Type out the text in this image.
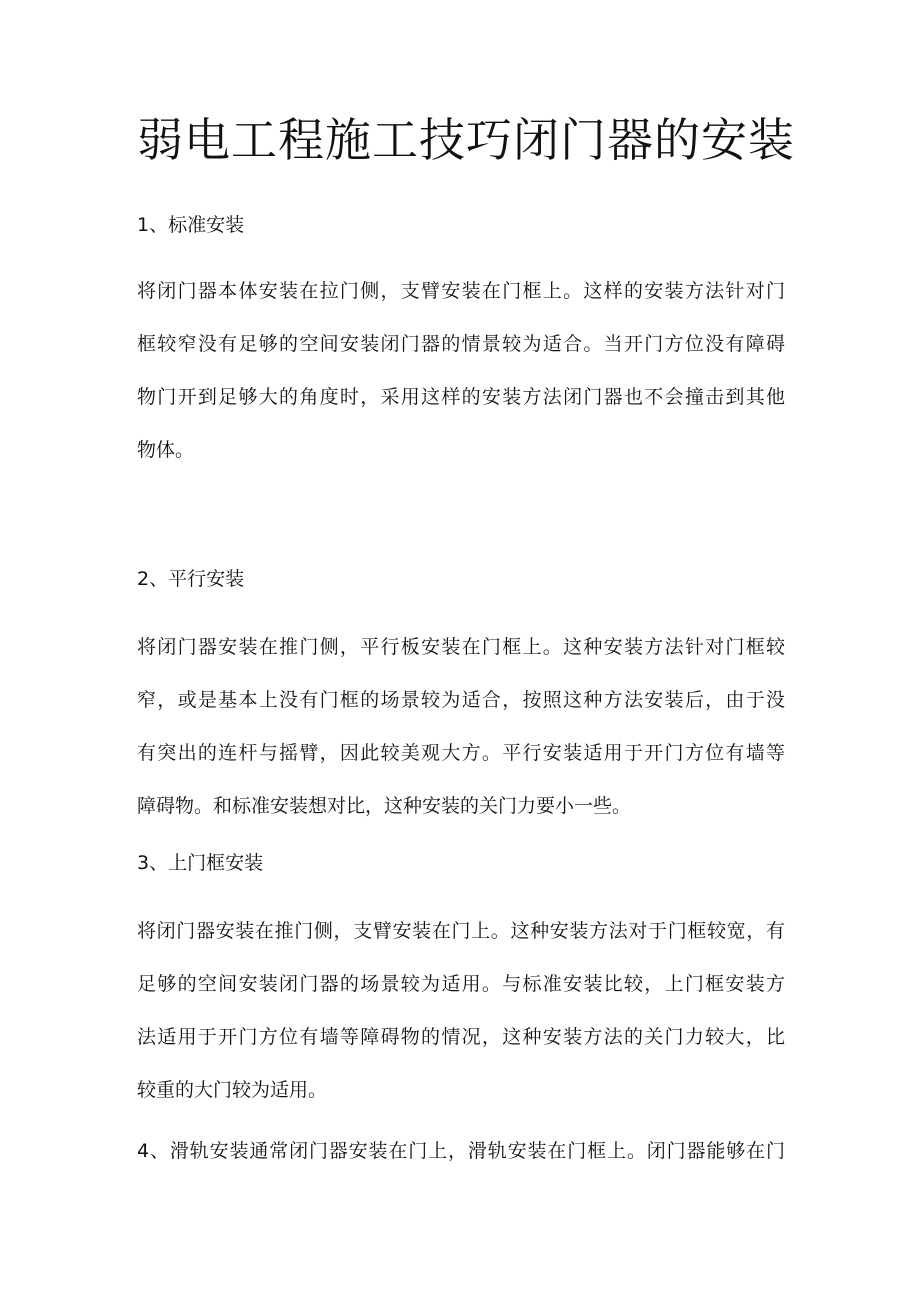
弱电工程施工技巧闭门器的安装
1、标准安装
将闭门器本体安装在拉门侧，支臂安装在门框上。这样的安装方法针对门
框较窄没有足够的空间安装闭门器的情景较为适合。当开门方位没有障碍
物门开到足够大的角度时，采用这样的安装方法闭门器也不会撞击到其他
物体。
2、平行安装
将闭门器安装在推门侧，平行板安装在门框上。这种安装方法针对门框较
窄，或是基本上没有门框的场景较为适合，按照这种方法安装后，由于没
有突出的连杆与摇臂，因此较美观大方。平行安装适用于开门方位有墙等
障碍物。和标准安装想对比，这种安装的关门力要小一些。
3、上门框安装
将闭门器安装在推门侧，支臂安装在门上。这种安装方法对于门框较宽，有
足够的空间安装闭门器的场景较为适用。与标准安装比较，上门框安装方
法适用于开门方位有墙等障碍物的情况，这种安装方法的关门力较大，比
较重的大门较为适用。
4、滑轨安装通常闭门器安装在门上，滑轨安装在门框上。闭门器能够在门
